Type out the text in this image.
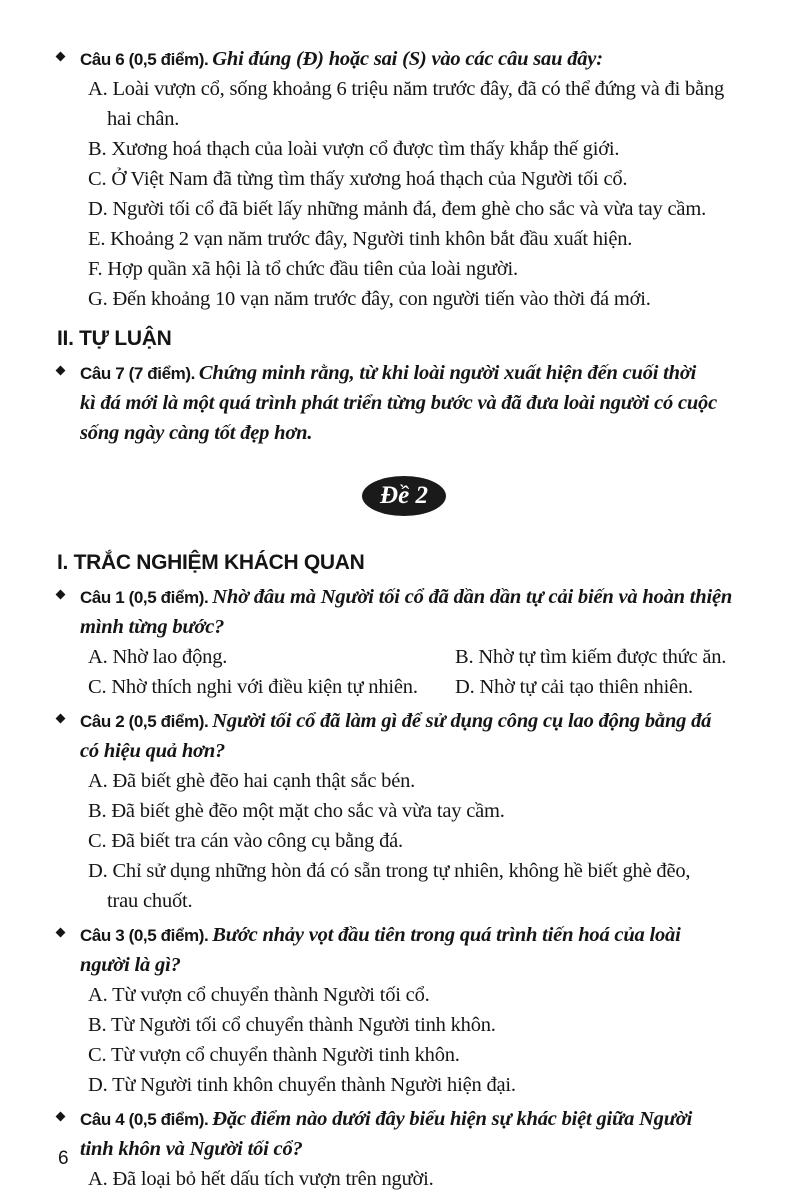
Câu 6 (0,5 điểm). Ghi đúng (Đ) hoặc sai (S) vào các câu sau đây:
A. Loài vượn cổ, sống khoảng 6 triệu năm trước đây, đã có thể đứng và đi bằng
hai chân.
B. Xương hoá thạch của loài vượn cổ được tìm thấy khắp thế giới.
C. Ở Việt Nam đã từng tìm thấy xương hoá thạch của Người tối cổ.
D. Người tối cổ đã biết lấy những mảnh đá, đem ghè cho sắc và vừa tay cầm.
E. Khoảng 2 vạn năm trước đây, Người tinh khôn bắt đầu xuất hiện.
F. Hợp quần xã hội là tổ chức đầu tiên của loài người.
G. Đến khoảng 10 vạn năm trước đây, con người tiến vào thời đá mới.
II. TỰ LUẬN
Câu 7 (7 điểm). Chứng minh rằng, từ khi loài người xuất hiện đến cuối thời
kì đá mới là một quá trình phát triển từng bước và đã đưa loài người có cuộc
sống ngày càng tốt đẹp hơn.
Đề 2
I. TRẮC NGHIỆM KHÁCH QUAN
Câu 1 (0,5 điểm). Nhờ đâu mà Người tối cổ đã dần dần tự cải biến và hoàn thiện
mình từng bước?
A. Nhờ lao động.	B. Nhờ tự tìm kiếm được thức ăn.
C. Nhờ thích nghi với điều kiện tự nhiên.	D. Nhờ tự cải tạo thiên nhiên.
Câu 2 (0,5 điểm). Người tối cổ đã làm gì để sử dụng công cụ lao động bằng đá
có hiệu quả hơn?
A. Đã biết ghè đẽo hai cạnh thật sắc bén.
B. Đã biết ghè đẽo một mặt cho sắc và vừa tay cầm.
C. Đã biết tra cán vào công cụ bằng đá.
D. Chỉ sử dụng những hòn đá có sẵn trong tự nhiên, không hề biết ghè đẽo,
trau chuốt.
Câu 3 (0,5 điểm). Bước nhảy vọt đầu tiên trong quá trình tiến hoá của loài
người là gì?
A. Từ vượn cổ chuyển thành Người tối cổ.
B. Từ Người tối cổ chuyển thành Người tinh khôn.
C. Từ vượn cổ chuyển thành Người tinh khôn.
D. Từ Người tinh khôn chuyển thành Người hiện đại.
Câu 4 (0,5 điểm). Đặc điểm nào dưới đây biểu hiện sự khác biệt giữa Người
tinh khôn và Người tối cổ?
A. Đã loại bỏ hết dấu tích vượn trên người.
6
